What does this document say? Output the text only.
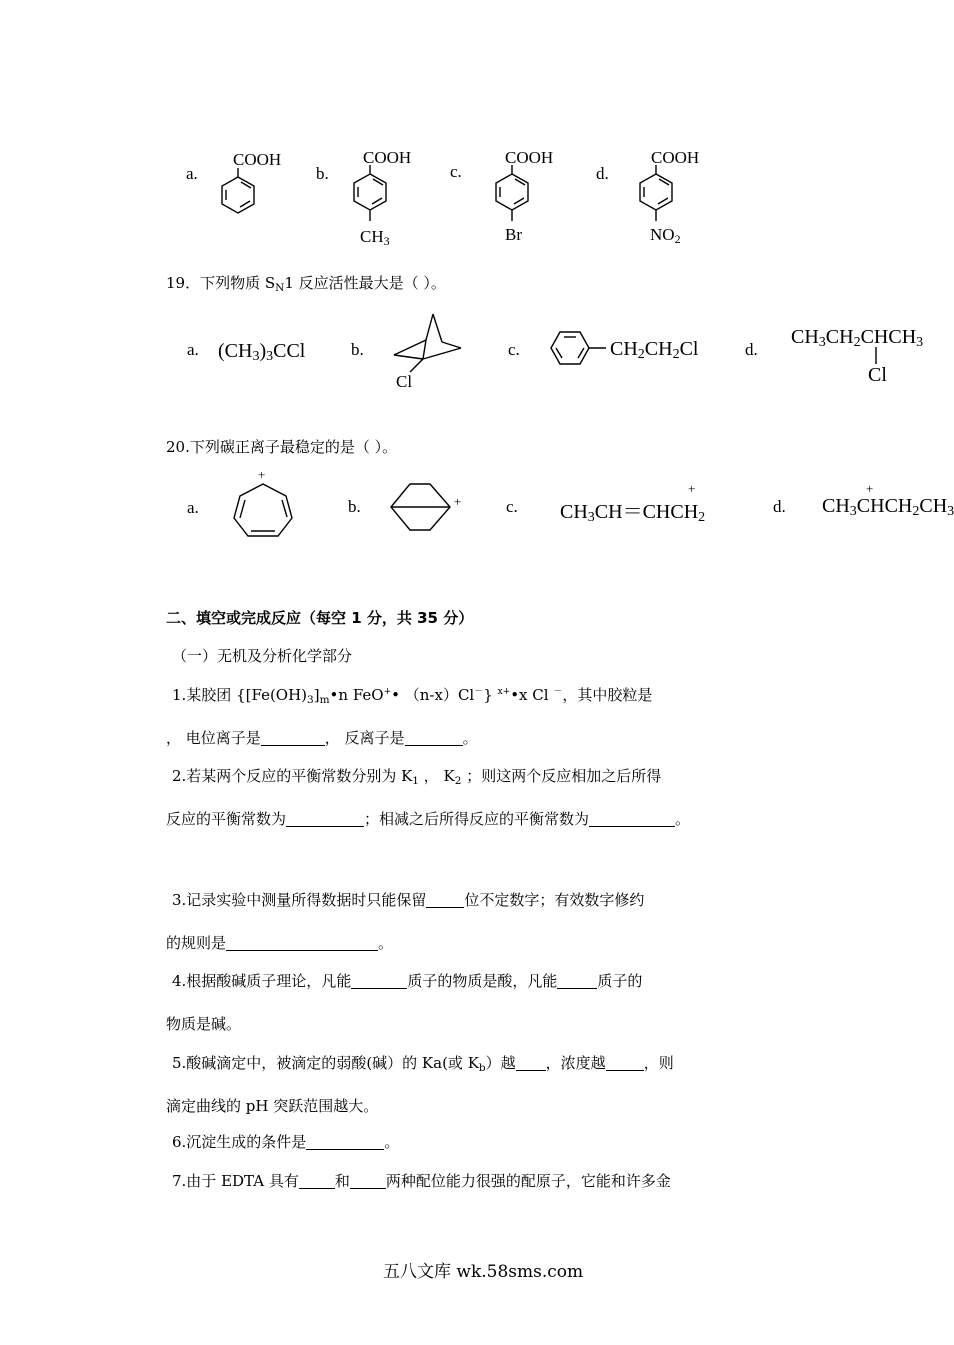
a.
COOH
b.
COOH
$CH_3$
c.
COOH
Br
d.
COOH
$NO_2$
19．下列物质 $S_N1$ 反应活性最大是（ ）。
a. $(CH_3)_3CCl$	b.
Cl
c.	$CH_2CH_2Cl$	d.
$CH_3CH_2CHCH_3$
Cl
20.下列碳正离子最稳定的是（ ）。
a.
+
b.	+	c.
+
$CH_3CH=CHCH_2$
d.
+
$CH_3CHCH_2CH_3$
二、填空或完成反应（每空 1 分，共 35 分）
（一）无机及分析化学部分
1.某胶团 {$[Fe(OH)_3]_m•n$ FeO+• （n-x）Cl－} $^{x+}$•x Cl －，其中胶粒是
， 电位离子是	， 反离子是	。
2.若某两个反应的平衡常数分别为 $K_1$ ， $K_2$ ；则这两个反应相加之后所得
反应的平衡常数为	；相减之后所得反应的平衡常数为	。
3.记录实验中测量所得数据时只能保留	位不定数字；有效数字修约
的规则是	。
4.根据酸碱质子理论，凡能	质子的物质是酸，凡能	质子的
物质是碱。
5.酸碱滴定中，被滴定的弱酸(碱）的 Ka(或 $K_b$）越 ，浓度越	，则
滴定曲线的 pH 突跃范围越大。
6.沉淀生成的条件是	。
7.由于 EDTA 具有 和 两种配位能力很强的配原子，它能和许多金
五八文库 wk.58sms.com
